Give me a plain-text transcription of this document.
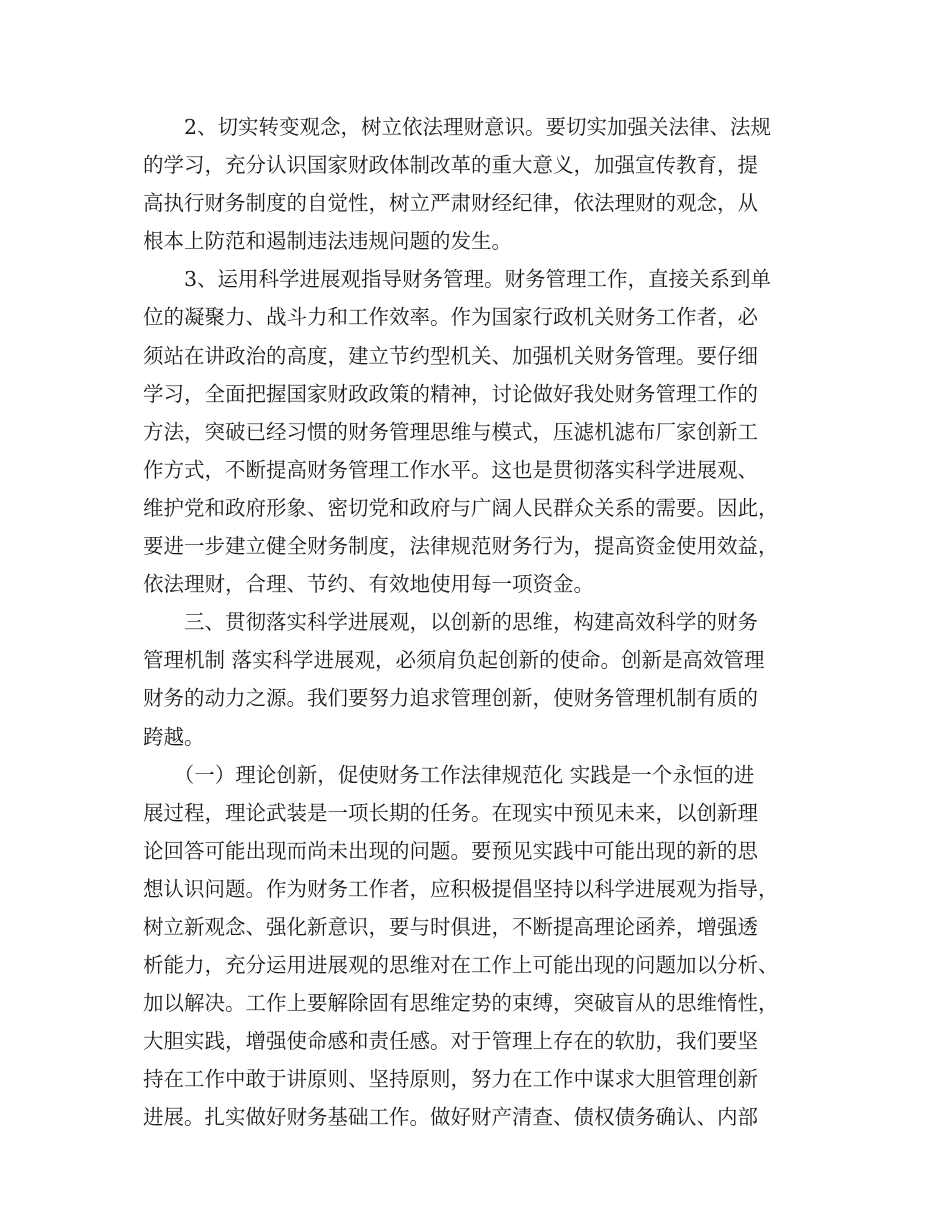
　　2、切实转变观念，树立依法理财意识。要切实加强关法律、法规
的学习，充分认识国家财政体制改革的重大意义，加强宣传教育，提
高执行财务制度的自觉性，树立严肃财经纪律，依法理财的观念，从
根本上防范和遏制违法违规问题的发生。
　　3、运用科学进展观指导财务管理。财务管理工作，直接关系到单
位的凝聚力、战斗力和工作效率。作为国家行政机关财务工作者，必
须站在讲政治的高度，建立节约型机关、加强机关财务管理。要仔细
学习，全面把握国家财政政策的精神，讨论做好我处财务管理工作的
方法，突破已经习惯的财务管理思维与模式，压滤机滤布厂家创新工
作方式，不断提高财务管理工作水平。这也是贯彻落实科学进展观、
维护党和政府形象、密切党和政府与广阔人民群众关系的需要。因此，
要进一步建立健全财务制度，法律规范财务行为，提高资金使用效益，
依法理财，合理、节约、有效地使用每一项资金。
　　三、贯彻落实科学进展观，以创新的思维，构建高效科学的财务
管理机制 落实科学进展观，必须肩负起创新的使命。创新是高效管理
财务的动力之源。我们要努力追求管理创新，使财务管理机制有质的
跨越。
　　（一）理论创新，促使财务工作法律规范化 实践是一个永恒的进
展过程，理论武装是一项长期的任务。在现实中预见未来，以创新理
论回答可能出现而尚未出现的问题。要预见实践中可能出现的新的思
想认识问题。作为财务工作者，应积极提倡坚持以科学进展观为指导，
树立新观念、强化新意识，要与时俱进，不断提高理论函养，增强透
析能力，充分运用进展观的思维对在工作上可能出现的问题加以分析、
加以解决。工作上要解除固有思维定势的束缚，突破盲从的思维惰性，
大胆实践，增强使命感和责任感。对于管理上存在的软肋，我们要坚
持在工作中敢于讲原则、坚持原则，努力在工作中谋求大胆管理创新
进展。扎实做好财务基础工作。做好财产清查、债权债务确认、内部
